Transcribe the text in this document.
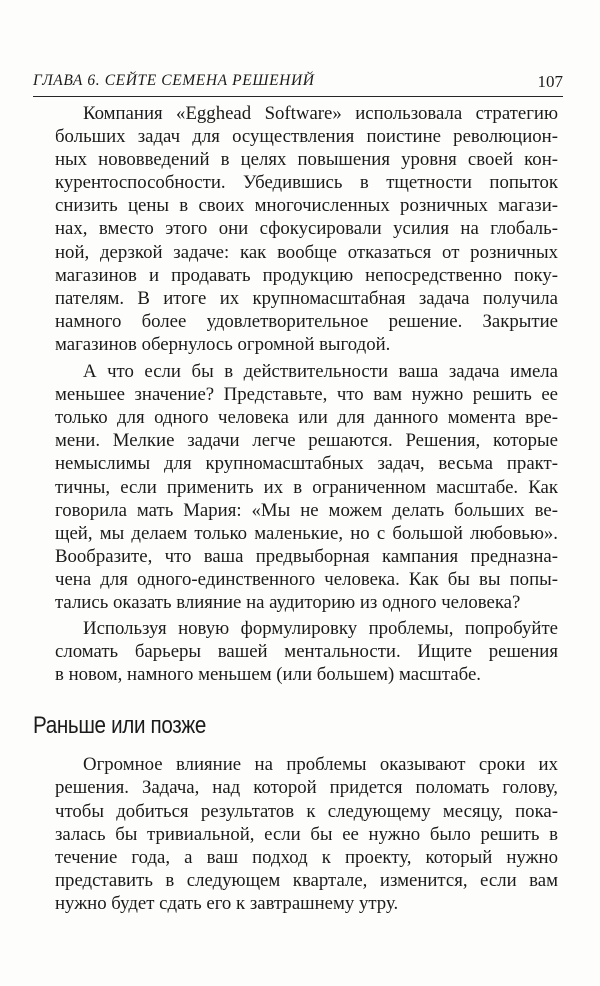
ГЛАВА 6. СЕЙТЕ СЕМЕНА РЕШЕНИЙ	107

Компания «Egghead Software» использовала стратегию
больших задач для осуществления поистине революцион-
ных нововведений в целях повышения уровня своей кон-
курентоспособности. Убедившись в тщетности попыток
снизить цены в своих многочисленных розничных магази-
нах, вместо этого они сфокусировали усилия на глобаль-
ной, дерзкой задаче: как вообще отказаться от розничных
магазинов и продавать продукцию непосредственно поку-
пателям. В итоге их крупномасштабная задача получила
намного более удовлетворительное решение. Закрытие
магазинов обернулось огромной выгодой.

А что если бы в действительности ваша задача имела
меньшее значение? Представьте, что вам нужно решить ее
только для одного человека или для данного момента вре-
мени. Мелкие задачи легче решаются. Решения, которые
немыслимы для крупномасштабных задач, весьма практ-
тичны, если применить их в ограниченном масштабе. Как
говорила мать Мария: «Мы не можем делать больших ве-
щей, мы делаем только маленькие, но с большой любовью».
Вообразите, что ваша предвыборная кампания предназна-
чена для одного-единственного человека. Как бы вы попы-
тались оказать влияние на аудиторию из одного человека?

Используя новую формулировку проблемы, попробуйте
сломать барьеры вашей ментальности. Ищите решения
в новом, намного меньшем (или большем) масштабе.

Раньше или позже

Огромное влияние на проблемы оказывают сроки их
решения. Задача, над которой придется поломать голову,
чтобы добиться результатов к следующему месяцу, пока-
залась бы тривиальной, если бы ее нужно было решить в
течение года, а ваш подход к проекту, который нужно
представить в следующем квартале, изменится, если вам
нужно будет сдать его к завтрашнему утру.
